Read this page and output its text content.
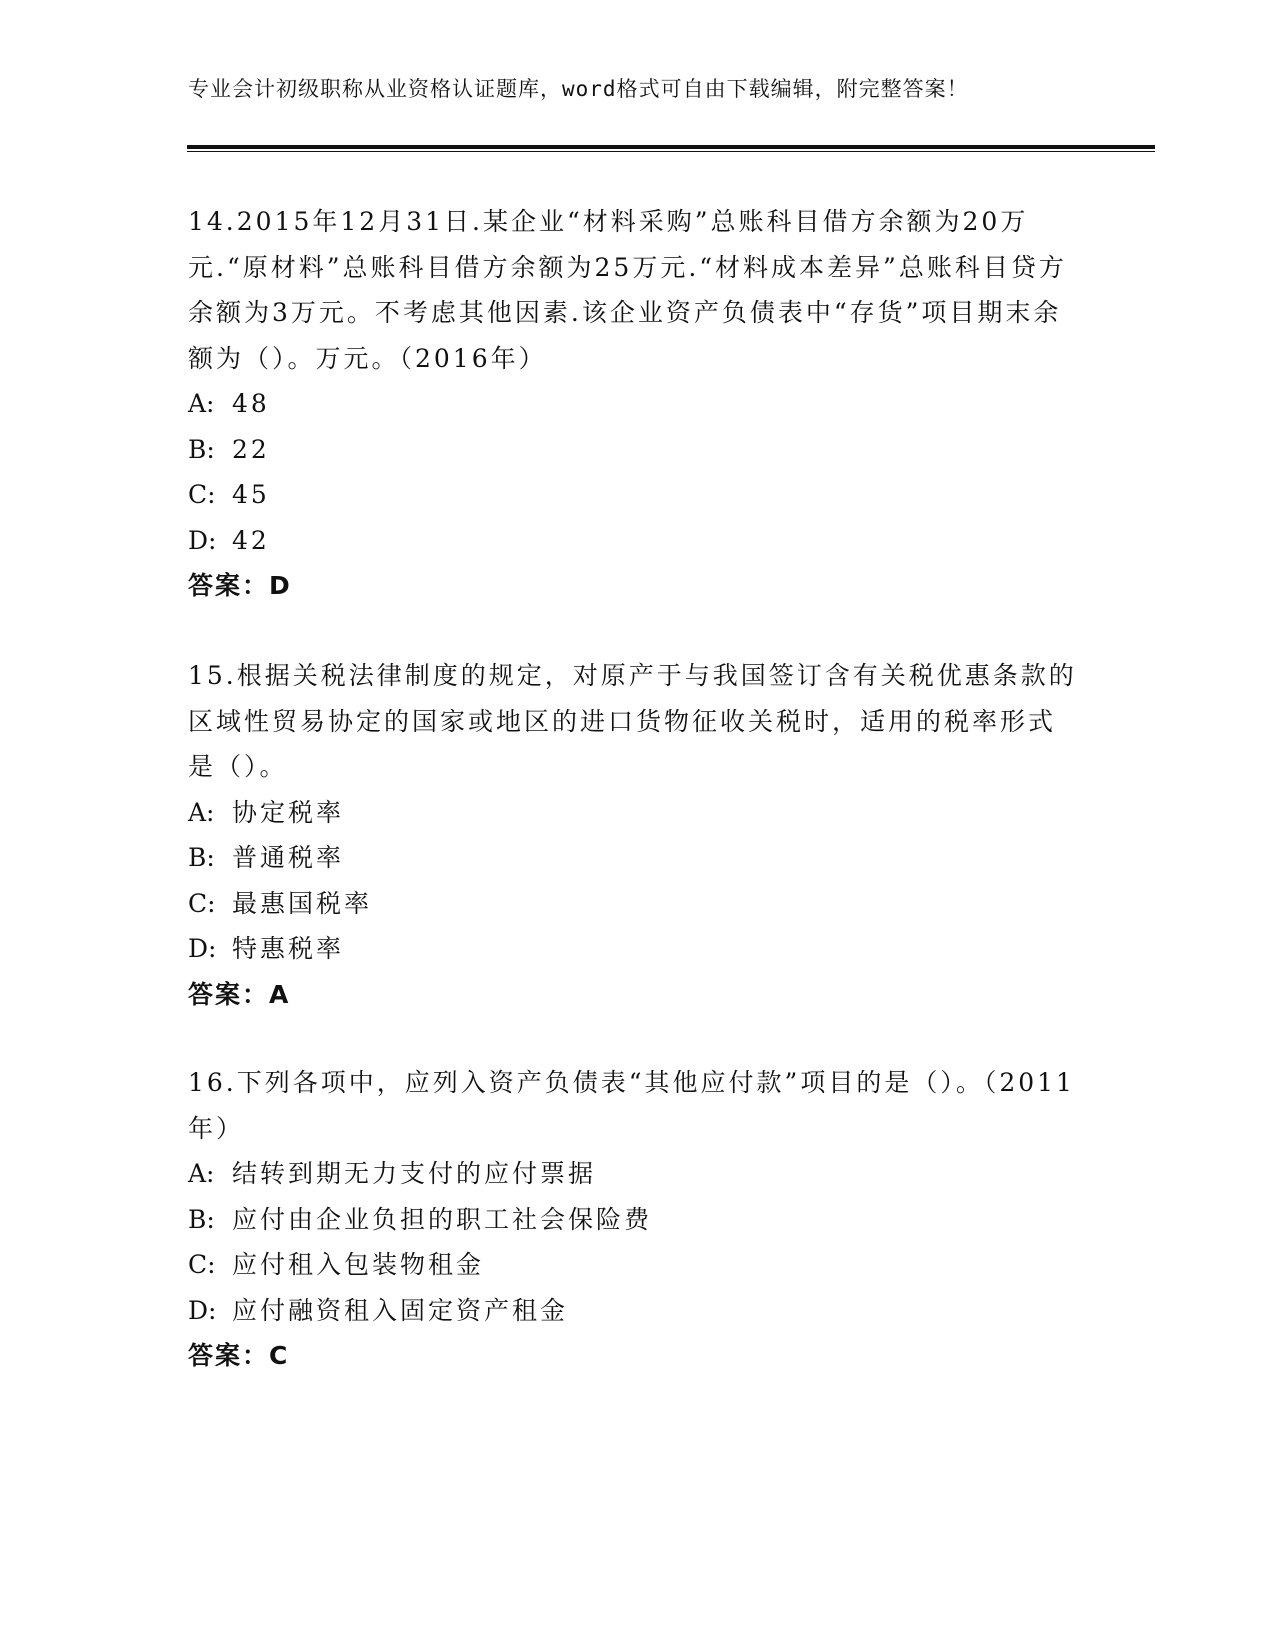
专业会计初级职称从业资格认证题库，word格式可自由下载编辑，附完整答案！

14.2015年12月31日.某企业“材料采购”总账科目借方余额为20万元.“原材料”总账科目借方余额为25万元.“材料成本差异”总账科目贷方余额为3万元。不考虑其他因素.该企业资产负债表中“存货”项目期末余额为（）。万元。（2016年）

A: 48
B: 22
C: 45
D: 42

答案：D

15.根据关税法律制度的规定，对原产于与我国签订含有关税优惠条款的区域性贸易协定的国家或地区的进口货物征收关税时，适用的税率形式是（）。

A: 协定税率
B: 普通税率
C: 最惠国税率
D: 特惠税率

答案：A

16.下列各项中，应列入资产负债表“其他应付款”项目的是（）。（2011年）

A: 结转到期无力支付的应付票据
B: 应付由企业负担的职工社会保险费
C: 应付租入包装物租金
D: 应付融资租入固定资产租金

答案：C
